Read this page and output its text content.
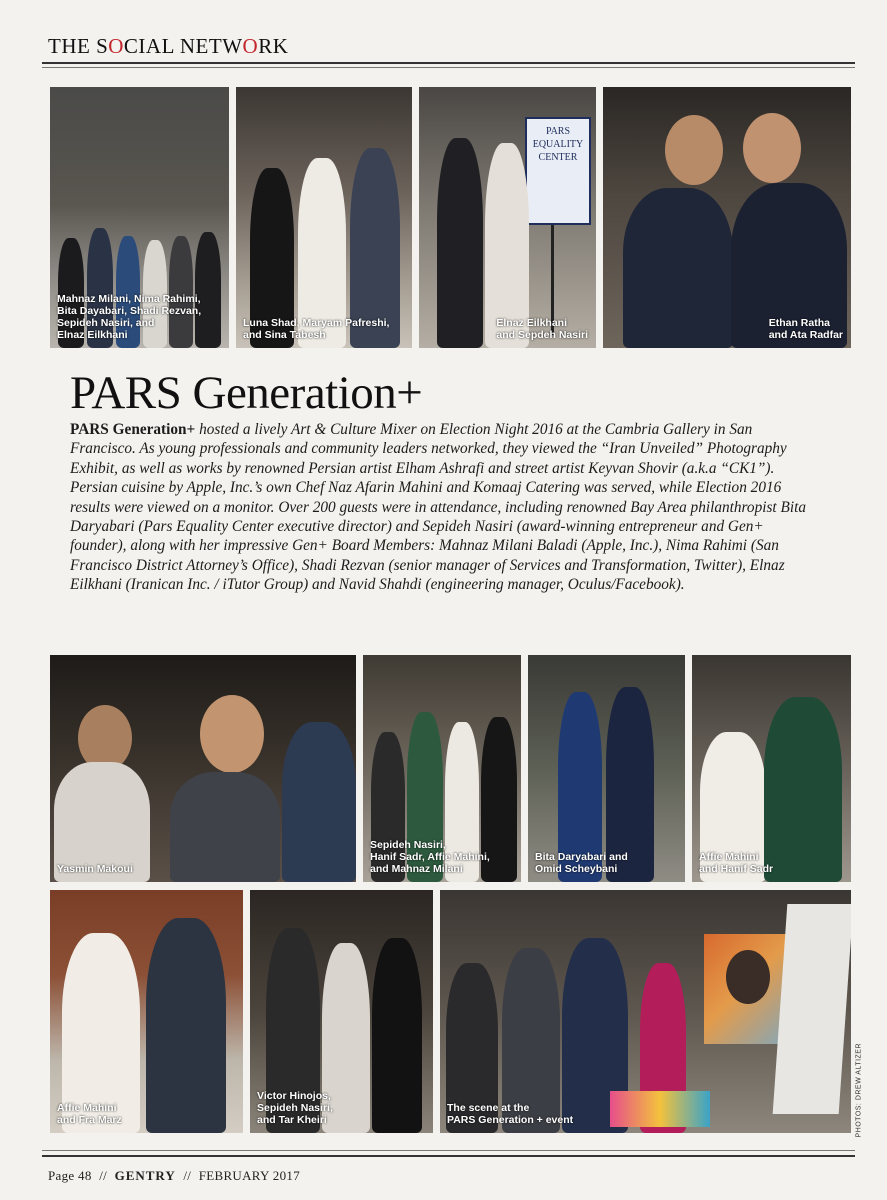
THE SOCIAL NETWORK
Mahnaz Milani, Nima Rahimi,
Bita Dayabari, Shadi Rezvan,
Sepideh Nasiri, and
Elnaz Eilkhani
Luna Shad, Maryam Pafreshi,
and Sina Tabesh
PARS
EQUALITY
CENTER
Elnaz Eilkhani
and Sepdeh Nasiri
Ethan Ratha
and Ata Radfar
PARS Generation+
PARS Generation+ hosted a lively Art & Culture Mixer on Election Night 2016 at the Cambria Gallery in San Francisco. As young professionals and community leaders networked, they viewed the “Iran Unveiled” Photography Exhibit, as well as works by renowned Persian artist Elham Ashrafi and street artist Keyvan Shovir (a.k.a “CK1”). Persian cuisine by Apple, Inc.’s own Chef Naz Afarin Mahini and Komaaj Catering was served, while Election 2016 results were viewed on a monitor. Over 200 guests were in attendance, including renowned Bay Area philanthropist Bita Daryabari (Pars Equality Center executive director) and Sepideh Nasiri (award-winning entrepreneur and Gen+ founder), along with her impressive Gen+ Board Members: Mahnaz Milani Baladi (Apple, Inc.), Nima Rahimi (San Francisco District Attorney’s Office), Shadi Rezvan (senior manager of Services and Transformation, Twitter), Elnaz Eilkhani (Iranican Inc. / iTutor Group) and Navid Shahdi (engineering manager, Oculus/Facebook).
Yasmin Makoui
Sepideh Nasiri,
Hanif Sadr, Affie Mahini,
and Mahnaz Milani
Bita Daryabari and
Omid Scheybani
Affie Mahini
and Hanif Sadr
Affie Mahini
and Fra Marz
Victor Hinojos,
Sepideh Nasiri,
and Tar Kheiri
The scene at the
PARS Generation + event	PHOTOS: DREW ALTIZER
Page 48 // GENTRY // FEBRUARY 2017
